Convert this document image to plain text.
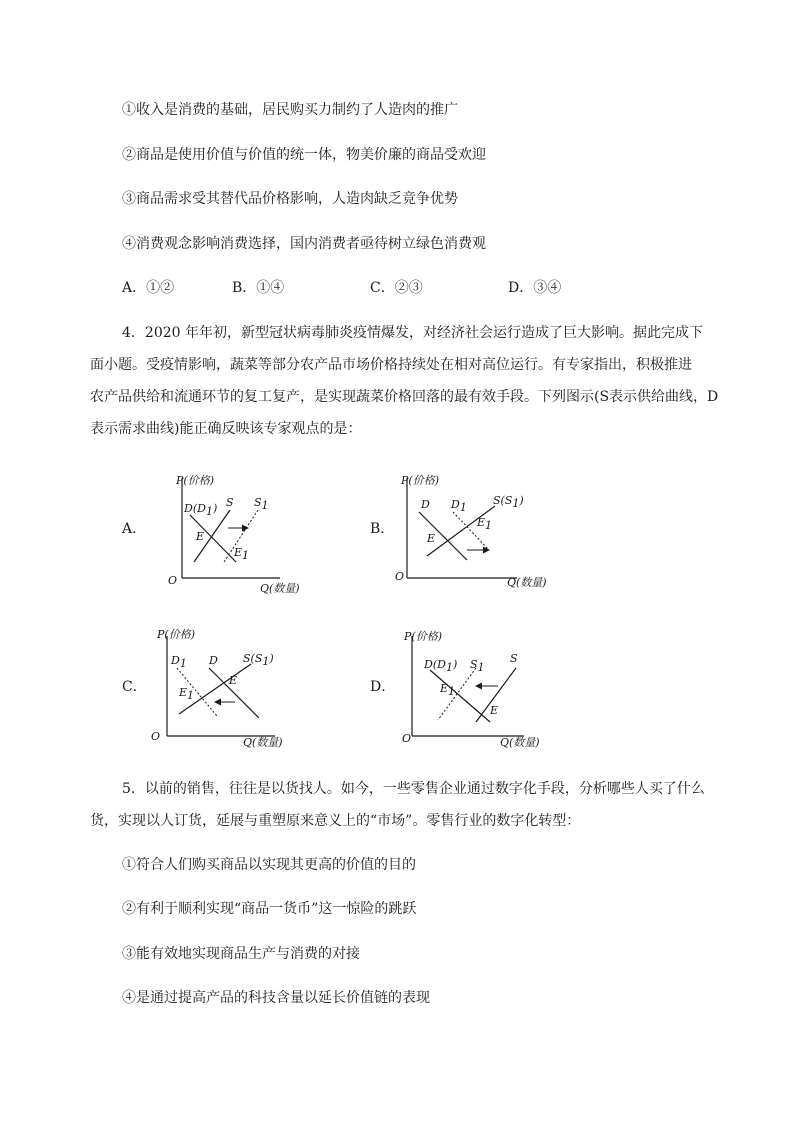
①收入是消费的基础，居民购买力制约了人造肉的推广
②商品是使用价值与价值的统一体，物美价廉的商品受欢迎
③商品需求受其替代品价格影响，人造肉缺乏竞争优势
④消费观念影响消费选择，国内消费者亟待树立绿色消费观
A．①②	B．①④	C．②③	D．③④
4．2020 年年初，新型冠状病毒肺炎疫情爆发，对经济社会运行造成了巨大影响。据此完成下
面小题。受疫情影响，蔬菜等部分农产品市场价格持续处在相对高位运行。有专家指出，积极推进
农产品供给和流通环节的复工复产，是实现蔬菜价格回落的最有效手段。下列图示(S表示供给曲线，D
表示需求曲线)能正确反映该专家观点的是：
A．
P(价格)
Q(数量)
O
D(D1) S S1
E
E1
B．
P(价格)
Q(数量)
O
D D1
S(S1)
E
E1
C．
P(价格)
Q(数量)
O
D1 D S(S1)
E1
E	D．
P(价格)
Q(数量)
O
D(D1) S1
S
E1
E
5．以前的销售，往往是以货找人。如今，一些零售企业通过数字化手段，分析哪些人买了什么
货，实现以人订货，延展与重塑原来意义上的“市场”。零售行业的数字化转型：
①符合人们购买商品以实现其更高的价值的目的
②有利于顺利实现“商品一货币”这一惊险的跳跃
③能有效地实现商品生产与消费的对接
④是通过提高产品的科技含量以延长价值链的表现
